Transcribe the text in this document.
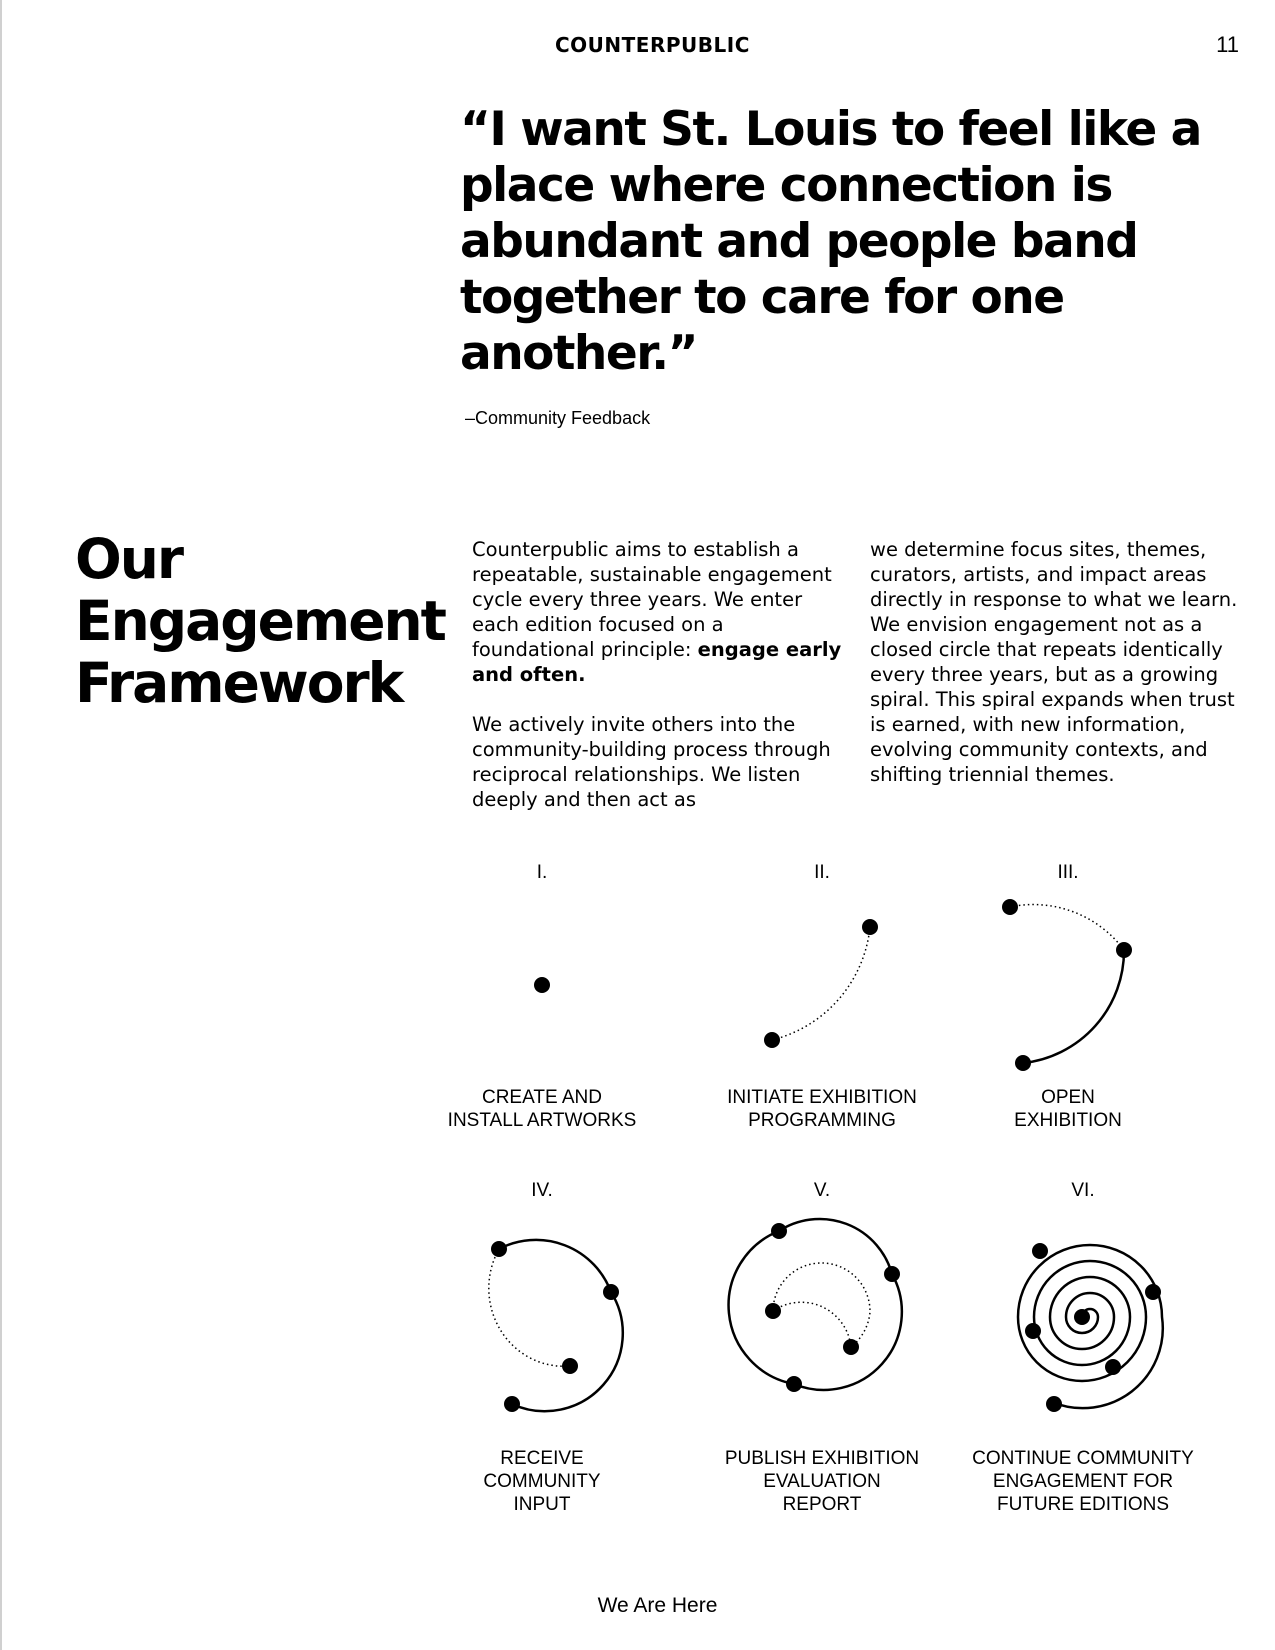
COUNTERPUBLIC	11

“I want St. Louis to feel like a place where connection is abundant and people band together to care for one another.”

–Community Feedback
Our
Engagement
Framework

Counterpublic aims to establish a repeatable, sustainable engagement cycle every three years. We enter each edition focused on a foundational principle: engage early and often.

We actively invite others into the community-building process through reciprocal relationships. We listen deeply and then act as

we determine focus sites, themes, curators, artists, and impact areas directly in response to what we learn. We envision engagement not as a closed circle that repeats identically every three years, but as a growing spiral. This spiral expands when trust is earned, with new information, evolving community contexts, and shifting triennial themes.

I.	II.	III.
IV.	V.	VI.
CREATE AND
INSTALL ARTWORKS
INITIATE EXHIBITION
PROGRAMMING
OPEN
EXHIBITION
RECEIVE
COMMUNITY
INPUT
PUBLISH EXHIBITION
EVALUATION
REPORT
CONTINUE COMMUNITY
ENGAGEMENT FOR
FUTURE EDITIONS
We Are Here
